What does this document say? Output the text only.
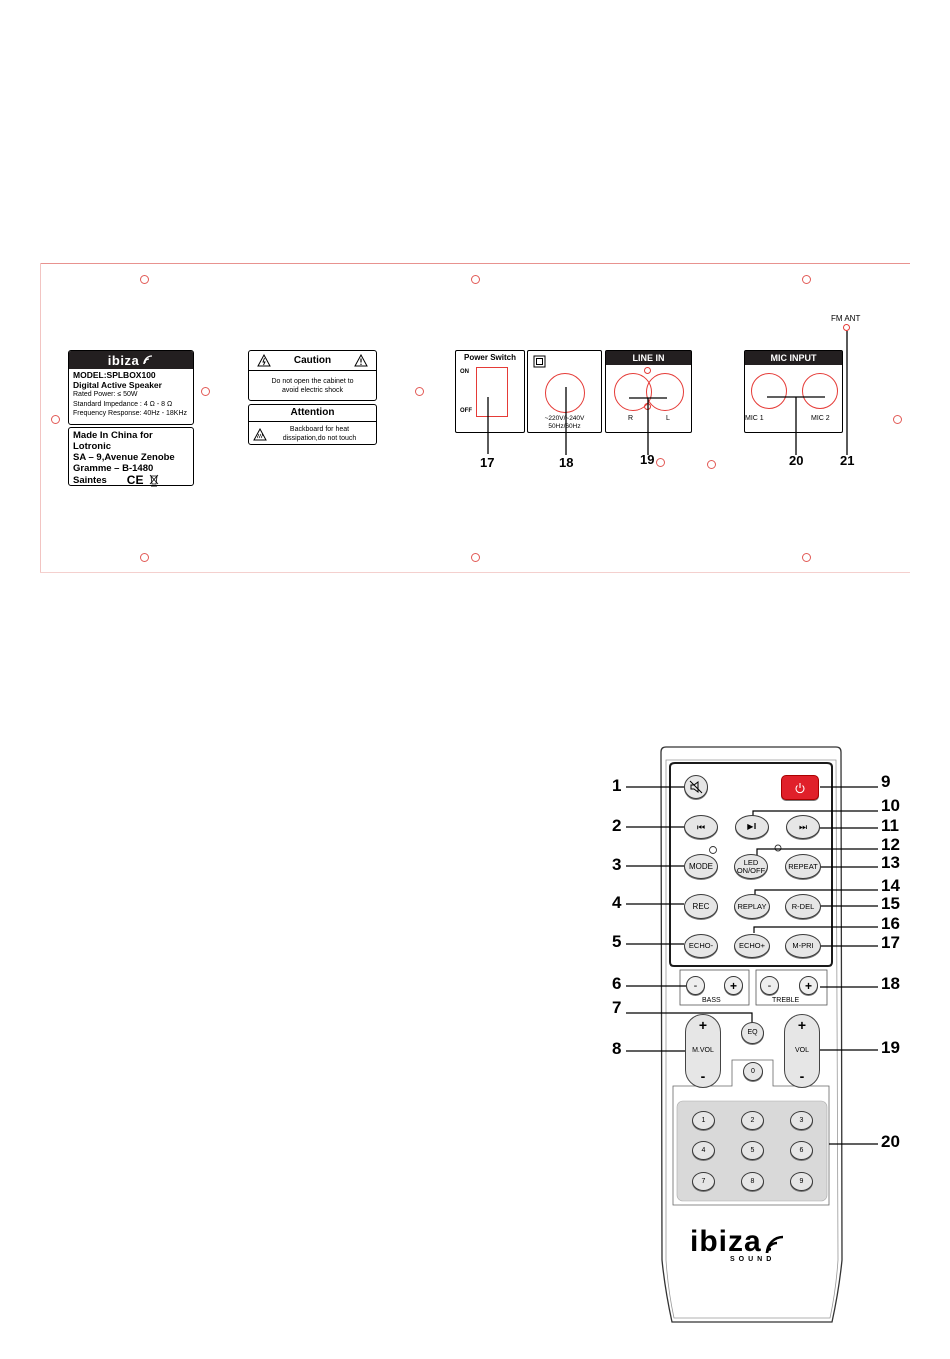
ibiza
MODEL:SPLBOX100
Digital Active Speaker
Rated Power: ≤ 50W
Standard Impedance : 4 Ω - 8 Ω
Frequency Response: 40Hz - 18KHz
Made In China for Lotronic
SA – 9,Avenue Zenobe
Gramme – B-1480
Saintes CE
Caution
Do not open the cabinet to
avoid electric shock
Attention
Backboard for heat
dissipation,do not touch
Power Switch
ON
OFF
~220V/~240V
50Hz/60Hz
LINE IN
R	L
MIC INPUT
MIC 1	MIC 2
FM ANT
17	18	19	20	21
⏮	▶‖	⏭
MODE	LED ON/OFF	REPEAT
REC	REPLAY	R-DEL
ECHO-	ECHO+	M-PRI
-	+
BASS
-	+
TREBLE
EQ
+
M.VOL
-
+
VOL
-
0
1	2	3
4	5	6
7	8	9
ibiza
SOUND
1
2
3
4
5
6
7
8
9
10
11
12
13
14
15
16
17
18
19
20
